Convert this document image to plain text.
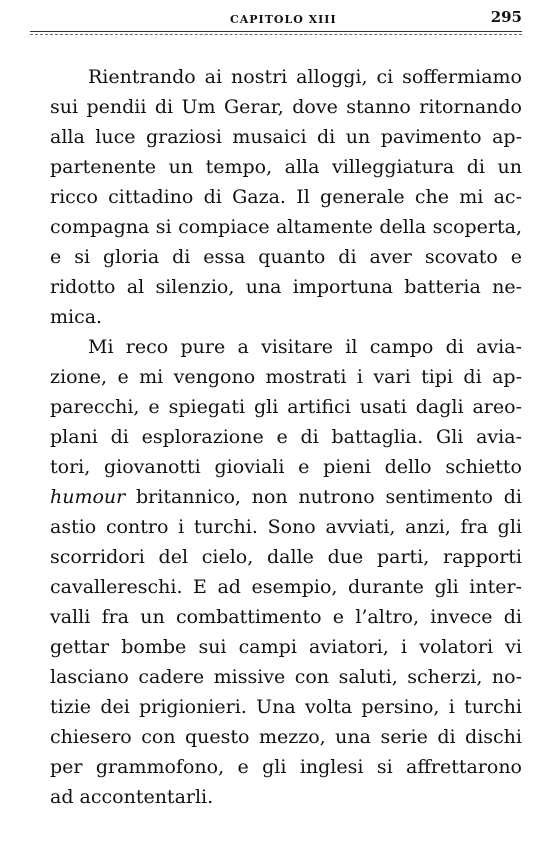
CAPITOLO XIII	295

Rientrando ai nostri alloggi, ci soffermiamo
sui pendii di Um Gerar, dove stanno ritornando
alla luce graziosi musaici di un pavimento ap-
partenente un tempo, alla villeggiatura di un
ricco cittadino di Gaza. Il generale che mi ac-
compagna si compiace altamente della scoperta,
e si gloria di essa quanto di aver scovato e
ridotto al silenzio, una importuna batteria ne-
mica.

Mi reco pure a visitare il campo di avia-
zione, e mi vengono mostrati i vari tipi di ap-
parecchi, e spiegati gli artifici usati dagli areo-
plani di esplorazione e di battaglia. Gli avia-
tori, giovanotti gioviali e pieni dello schietto
humour britannico, non nutrono sentimento di
astio contro i turchi. Sono avviati, anzi, fra gli
scorridori del cielo, dalle due parti, rapporti
cavallereschi. E ad esempio, durante gli inter-
valli fra un combattimento e l’altro, invece di
gettar bombe sui campi aviatori, i volatori vi
lasciano cadere missive con saluti, scherzi, no-
tizie dei prigionieri. Una volta persino, i turchi
chiesero con questo mezzo, una serie di dischi
per grammofono, e gli inglesi si affrettarono
ad accontentarli.
